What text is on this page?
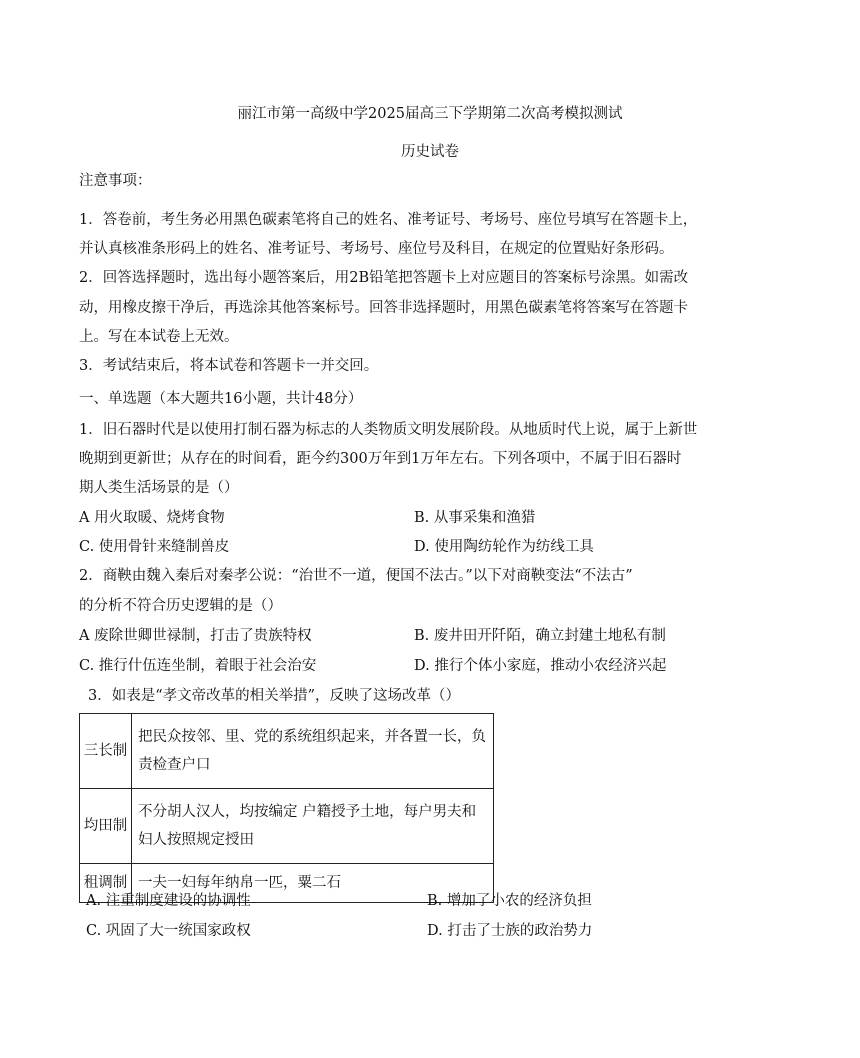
丽江市第一高级中学2025届高三下学期第二次高考模拟测试
历史试卷
注意事项：
1．答卷前，考生务必用黑色碳素笔将自己的姓名、准考证号、考场号、座位号填写在答题卡上，
并认真核准条形码上的姓名、准考证号、考场号、座位号及科目，在规定的位置贴好条形码。
2．回答选择题时，选出每小题答案后，用2B铅笔把答题卡上对应题目的答案标号涂黑。如需改
动，用橡皮擦干净后，再选涂其他答案标号。回答非选择题时，用黑色碳素笔将答案写在答题卡
上。写在本试卷上无效。
3．考试结束后，将本试卷和答题卡一并交回。
一、单选题（本大题共16小题，共计48分）
1．旧石器时代是以使用打制石器为标志的人类物质文明发展阶段。从地质时代上说，属于上新世
晚期到更新世；从存在的时间看，距今约300万年到1万年左右。下列各项中，不属于旧石器时
期人类生活场景的是（）
A 用火取暖、烧烤食物	B. 从事采集和渔猎
C. 使用骨针来缝制兽皮	D. 使用陶纺轮作为纺线工具
2．商鞅由魏入秦后对秦孝公说：“治世不一道，便国不法古。”以下对商鞅变法“不法古”
的分析不符合历史逻辑的是（）
A 废除世卿世禄制，打击了贵族特权	B. 废井田开阡陌，确立封建土地私有制
C. 推行什伍连坐制，着眼于社会治安	D. 推行个体小家庭，推动小农经济兴起
3．如表是“孝文帝改革的相关举措”，反映了这场改革（）
三长制	把民众按邻、里、党的系统组织起来，并各置一长，负责检查户口
均田制	不分胡人汉人，均按编定 户籍授予土地，每户男夫和妇人按照规定授田
租调制	一夫一妇每年纳帛一匹，粟二石
A. 注重制度建设的协调性	B. 增加了小农的经济负担
C. 巩固了大一统国家政权	D. 打击了士族的政治势力
